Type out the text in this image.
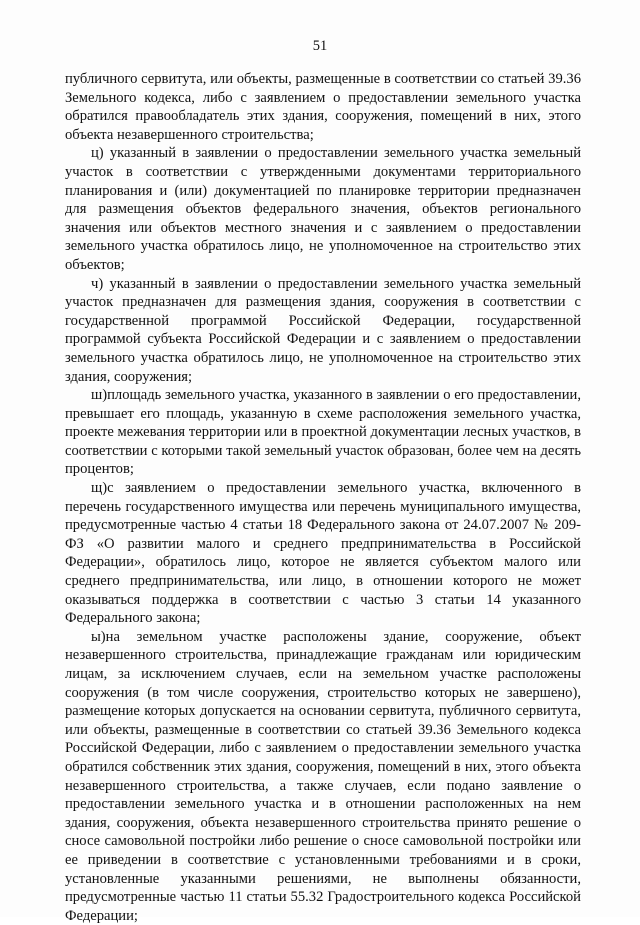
51

публичного сервитута, или объекты, размещенные в соответствии со статьей 39.36 Земельного кодекса, либо с заявлением о предоставлении земельного участка обратился правообладатель этих здания, сооружения, помещений в них, этого объекта незавершенного строительства;

ц) указанный в заявлении о предоставлении земельного участка земельный участок в соответствии с утвержденными документами территориального планирования и (или) документацией по планировке территории предназначен для размещения объектов федерального значения, объектов регионального значения или объектов местного значения и с заявлением о предоставлении земельного участка обратилось лицо, не уполномоченное на строительство этих объектов;

ч) указанный в заявлении о предоставлении земельного участка земельный участок предназначен для размещения здания, сооружения в соответствии с государственной программой Российской Федерации, государственной программой субъекта Российской Федерации и с заявлением о предоставлении земельного участка обратилось лицо, не уполномоченное на строительство этих здания, сооружения;

ш)площадь земельного участка, указанного в заявлении о его предоставлении, превышает его площадь, указанную в схеме расположения земельного участка, проекте межевания территории или в проектной документации лесных участков, в соответствии с которыми такой земельный участок образован, более чем на десять процентов;

щ)с заявлением о предоставлении земельного участка, включенного в перечень государственного имущества или перечень муниципального имущества, предусмотренные частью 4 статьи 18 Федерального закона от 24.07.2007 № 209-ФЗ «О развитии малого и среднего предпринимательства в Российской Федерации», обратилось лицо, которое не является субъектом малого или среднего предпринимательства, или лицо, в отношении которого не может оказываться поддержка в соответствии с частью 3 статьи 14 указанного Федерального закона;

ы)на земельном участке расположены здание, сооружение, объект незавершенного строительства, принадлежащие гражданам или юридическим лицам, за исключением случаев, если на земельном участке расположены сооружения (в том числе сооружения, строительство которых не завершено), размещение которых допускается на основании сервитута, публичного сервитута, или объекты, размещенные в соответствии со статьей 39.36 Земельного кодекса Российской Федерации, либо с заявлением о предоставлении земельного участка обратился собственник этих здания, сооружения, помещений в них, этого объекта незавершенного строительства, а также случаев, если подано заявление о предоставлении земельного участка и в отношении расположенных на нем здания, сооружения, объекта незавершенного строительства принято решение о сносе самовольной постройки либо решение о сносе самовольной постройки или ее приведении в соответствие с установленными требованиями и в сроки, установленные указанными решениями, не выполнены обязанности, предусмотренные частью 11 статьи 55.32 Градостроительного кодекса Российской Федерации;
